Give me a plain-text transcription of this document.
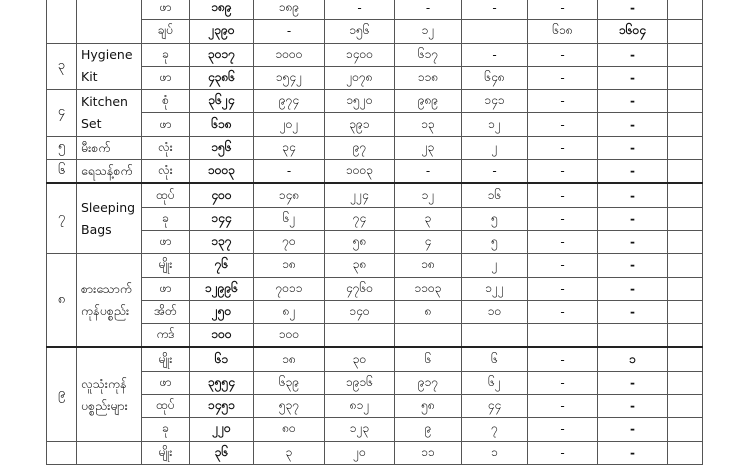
		ဖာ	၁၈၉	၁၈၉	-	-	-	-	-	
		ချပ်	၂၃၉၀	-	၁၅၆	၁၂		၆၁၈	၁၆၀၄	
၃	Hygiene Kit	ခု	၃၀၁၇	၁၀၀၀	၁၄၀၀	၆၁၇	-	-	-	
		ဖာ	၄၃၈၆	၁၅၄၂	၂၀၇၈	၁၁၈	၆၄၈	-	-	
၄	Kitchen Set	စုံ	၃၆၂၄	၉၇၄	၁၅၂၀	၉၈၉	၁၄၁	-	-	
		ဖာ	၆၁၈	၂၀၂	၃၉၁	၁၃	၁၂	-	-	
၅	မီးစက်	လုံး	၁၅၆	၃၄	၉၇	၂၃	၂	-	-	
၆	ရေသန့်စက်	လုံး	၁၀၀၃	-	၁၀၀၃	-	-	-	-	
၇	Sleeping Bags	ထုပ်	၄၀၀	၁၄၈	၂၂၄	၁၂	၁၆	-	-	
		ခု	၁၄၄	၆၂	၇၄	၃	၅	-	-	
		ဖာ	၁၃၇	၇၀	၅၈	၄	၅	-	-	
၈	စားသောက် ကုန်ပစ္စည်း	မျိုး	၇၆	၁၈	၃၈	၁၈	၂	-	-	
		ဖာ	၁၂၉၉၆	၇၀၁၁	၄၇၆၀	၁၁၀၃	၁၂၂	-	-	
		အိတ်	၂၅၀	၈၂	၁၄၀	၈	၁၀	-	-	
		ကဒ်	၁၀၀	၁၀၀						
၉	လူသုံးကုန် ပစ္စည်းများ	မျိုး	၆၁	၁၈	၃၀	၆	၆	-	၁	
		ဖာ	၃၅၅၄	၆၃၉	၁၉၁၆	၉၁၇	၆၂	-	-	
		ထုပ်	၁၄၅၁	၅၃၇	၈၁၂	၅၈	၄၄	-	-	
		ခု	၂၂၀	၈၀	၁၂၃	၉	၇	-	-	
		မျိုး	၃၆	၃	၂၀	၁၁	၁	-	-	
